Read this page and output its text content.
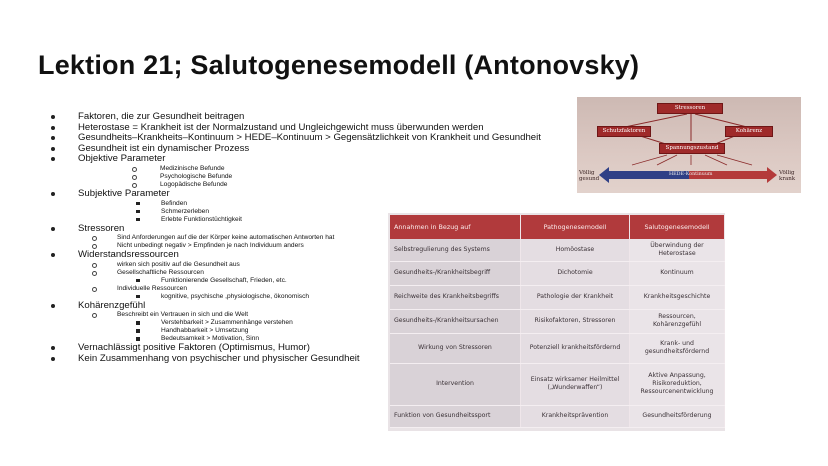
Lektion 21; Salutogenesemodell (Antonovsky)
Faktoren, die zur Gesundheit beitragen
Heterostase = Krankheit ist der Normalzustand und Ungleichgewicht muss überwunden werden
Gesundheits–Krankheits–Kontinuum > HEDE–Kontinuum > Gegensätzlichkeit von Krankheit und Gesundheit
Gesundheit ist ein dynamischer Prozess
Objektive Parameter
Medizinische Befunde
Psychologische Befunde
Logopädische Befunde
Subjektive Parameter
Befinden
Schmerzerleben
Erlebte Funktionstüchtigkeit
Stressoren
Sind Anforderungen auf die der Körper keine automatischen Antworten hat
Nicht unbedingt negativ > Empfinden je nach Individuum anders
Widerstandsressourcen
wirken sich positiv auf die Gesundheit aus
Gesellschaftliche Ressourcen
Funktionierende Gesellschaft, Frieden, etc.
Individuelle Ressourcen
kognitive, psychische ,physiologische, ökonomisch
Kohärenzgefühl
Beschreibt ein Vertrauen in sich und die Welt
Verstehbarkeit > Zusammenhänge verstehen
Handhabbarkeit > Umsetzung
Bedeutsamkeit > Motivation, Sinn
Vernachlässigt positive Faktoren (Optimismus, Humor)
Kein Zusammenhang von psychischer und physischer Gesundheit
Stressoren
Schutzfaktoren	Kohärenz
Spannungszustand
Völlig gesund
HEDE-Kontinuum	Völlig krank
Annahmen in Bezug auf	Pathogenesemodell	Salutogenesemodell
Selbstregulierung des Systems	Homöostase	Überwindung der Heterostase
Gesundheits-/Krankheitsbegriff	Dichotomie	Kontinuum
Reichweite des Krankheitsbegriffs	Pathologie der Krankheit	Krankheitsgeschichte
Gesundheits-/Krankheitsursachen	Risikofaktoren, Stressoren	Ressourcen, Kohärenzgefühl
Wirkung von Stressoren	Potenziell krankheitsfördernd	Krank- und gesundheitsfördernd
Intervention	Einsatz wirksamer Heilmittel („Wunderwaffen“)	Aktive Anpassung, Risikoreduktion, Ressourcenentwicklung
Funktion von Gesundheitssport	Krankheitsprävention	Gesundheitsförderung
